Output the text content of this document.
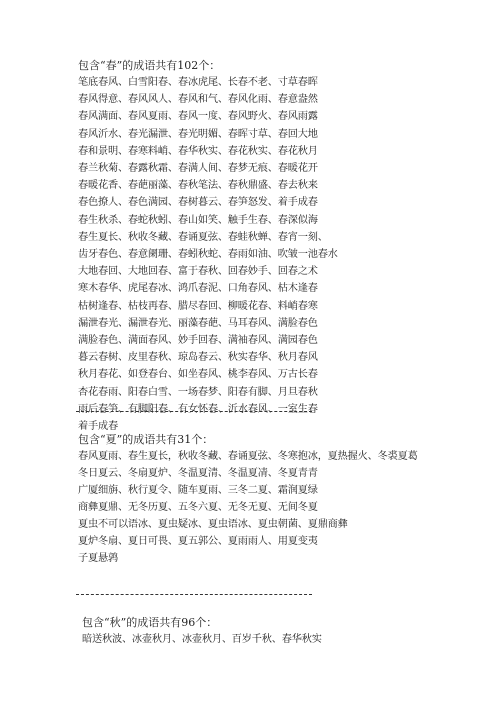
包含“春”的成语共有102个：
笔底春风、白雪阳春、春冰虎尾、长春不老、寸草春晖
春风得意、春风风人、春风和气、春风化雨、春意盎然
春风满面、春风夏雨、春风一度、春风野火、春风雨露
春风沂水、春光漏泄、春光明媚、春晖寸草、春回大地
春和景明、春寒料峭、春华秋实、春花秋实、春花秋月
春兰秋菊、春露秋霜、春满人间、春梦无痕、春暖花开
春暖花香、春葩丽藻、春秋笔法、春秋鼎盛、春去秋来
春色撩人、春色满园、春树暮云、春笋怒发、着手成春
春生秋杀、春蛇秋蚓、春山如笑、触手生春、春深似海
春生夏长、秋收冬藏、春诵夏弦、春蛙秋蝉、春宵一刻、
齿牙春色、春意阑珊、春蚓秋蛇、春雨如油、吹皱一池春水
大地春回、大地回春、富于春秋、回春妙手、回春之术
寒木春华、虎尾春冰、鸿爪春泥、口角春风、枯木逢春
枯树逢春、枯枝再春、腊尽春回、柳暖花春、料峭春寒
漏泄春光、漏泄春光、丽藻春葩、马耳春风、满脸春色
满脸春色、满面春风、妙手回春、满袖春风、满园春色
暮云春树、皮里春秋、琼岛春云、秋实春华、秋月春风
秋月春花、如登春台、如坐春风、桃李春风、万古长春
杏花春雨、阳春白雪、一场春梦、阳春有脚、月旦春秋
雨后春笋、有脚阳春、有女怀春、沂水春风、一室生春
着手成春
包含“夏”的成语共有31个：
春风夏雨、春生夏长，秋收冬藏、春诵夏弦、冬寒抱冰，夏热握火、冬裘夏葛
冬日夏云、冬扇夏炉、冬温夏清、冬温夏凊、冬夏青青
广厦细旃、秋行夏令、随车夏雨、三冬二夏、霜润夏绿
商彝夏鼎、无冬历夏、五冬六夏、无冬无夏、无间冬夏
夏虫不可以语冰、夏虫疑冰、夏虫语冰、夏虫朝菌、夏鼎商彝
夏炉冬扇、夏日可畏、夏五郭公、夏雨雨人、用夏变夷
子夏悬鹑
包含“秋”的成语共有96个：
暗送秋波、冰壶秋月、冰壶秋月、百岁千秋、春华秋实
